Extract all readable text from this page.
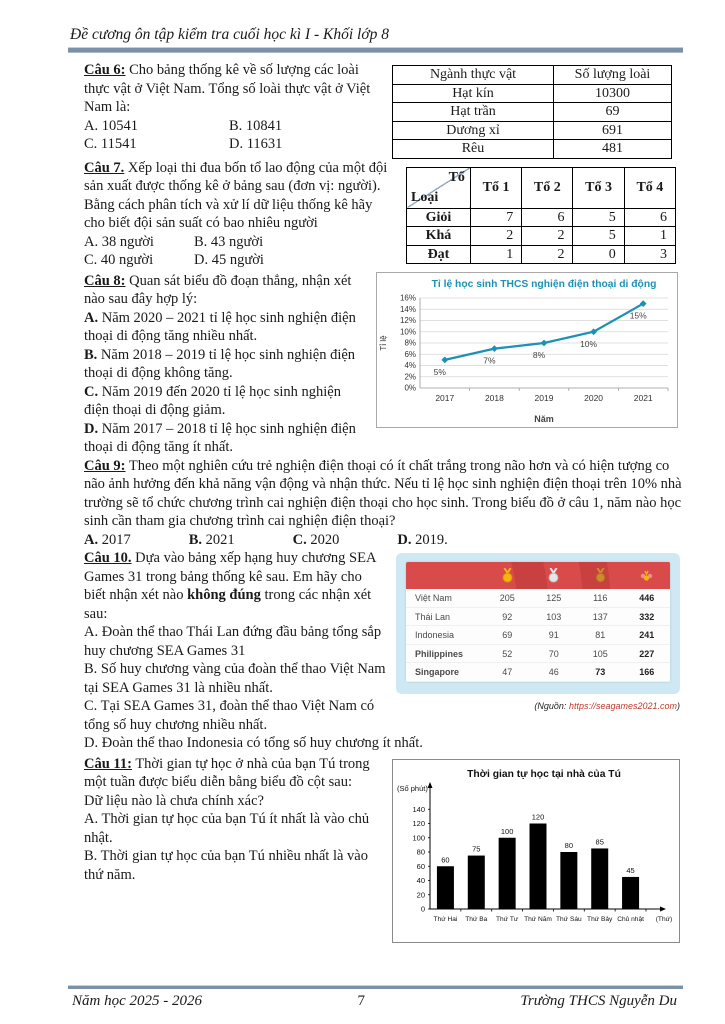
Đề cương ôn tập kiểm tra cuối học kì I - Khối lớp 8

Câu 6: Cho bảng thống kê về số lượng các loài thực vật ở Việt Nam. Tổng số loài thực vật ở Việt Nam là:

A. 10541	B. 10841
C. 11541	D. 11631
Ngành thực vật	Số lượng loài
Hạt kín	10300
Hạt trần	69
Dương xỉ	691
Rêu	481

Câu 7. Xếp loại thi đua bốn tổ lao động của một đội sản xuất được thống kê ở bảng sau (đơn vị: người). Bằng cách phân tích và xử lí dữ liệu thống kê hãy cho biết đội sản suất có bao nhiêu người

A. 38 người	B. 43 người
C. 40 người	D. 45 người
Tổ
Loại	Tổ 1	Tổ 2	Tổ 3	Tổ 4
Giỏi	7	6	5	6
Khá	2	2	5	1
Đạt	1	2	0	3

Câu 8: Quan sát biểu đồ đoạn thẳng, nhận xét nào sau đây hợp lý:

A. Năm 2020 – 2021 tỉ lệ học sinh nghiện điện thoại di động tăng nhiều nhất.

B. Năm 2018 – 2019 tỉ lệ học sinh nghiện điện thoại di động không tăng.

C. Năm 2019 đến 2020 tỉ lệ học sinh nghiện điện thoại di động giảm.

D. Năm 2017 – 2018 tỉ lệ học sinh nghiện điện thoại di động tăng ít nhất.

Tỉ lệ học sinh THCS nghiện điện thoại di động
0%
2%
4%
6%
8%
10%
12%
14%
16%
2017	2018	2019	2020	2021
5%
7%
8%
10%
15%
Tỉ lệ
Năm

Câu 9: Theo một nghiên cứu trẻ nghiện điện thoại có ít chất trắng trong não hơn và có hiện tượng co não ảnh hưởng đến khả năng vận động và nhận thức. Nếu tỉ lệ học sinh nghiện điện thoại trên 10% nhà trường sẽ tổ chức chương trình cai nghiện điện thoại cho học sinh. Trong biểu đồ ở câu 1, năm nào học sinh cần tham gia chương trình cai nghiện điện thoại?

A. 2017	B. 2021	C. 2020	D. 2019.

Câu 10. Dựa vào bảng xếp hạng huy chương SEA Games 31 trong bảng thống kê sau. Em hãy cho biết nhận xét nào không đúng trong các nhận xét sau:

A. Đoàn thể thao Thái Lan đứng đầu bảng tổng sắp huy chương SEA Games 31

B. Số huy chương vàng của đoàn thể thao Việt Nam tại SEA Games 31 là nhiều nhất.

C. Tại SEA Games 31, đoàn thể thao Việt Nam có tổng số huy chương nhiều nhất.

Việt Nam	205	125	116	446
Thái Lan	92	103	137	332
Indonesia	69	91	81	241
Philippines	52	70	105	227
Singapore	47	46	73	166
(Nguồn: https://seagames2021.com)

D. Đoàn thể thao Indonesia có tổng số huy chương ít nhất.

Câu 11: Thời gian tự học ở nhà của bạn Tú trong một tuần được biểu diễn bằng biểu đồ cột sau:

Dữ liệu nào là chưa chính xác?

A. Thời gian tự học của bạn Tú ít nhất là vào chủ nhật.

B. Thời gian tự học của bạn Tú nhiều nhất là vào thứ năm.

Thời gian tự học tại nhà của Tú
(Số phút)
0
20
40
60
80
100
120
140
60
Thứ Hai
75
Thứ Ba
100
Thứ Tư
120
Thứ Năm
80
Thứ Sáu
85
Thứ Bảy
45
Chủ nhật (Thứ)
Năm học 2025 - 2026	7	Trường THCS Nguyễn Du
